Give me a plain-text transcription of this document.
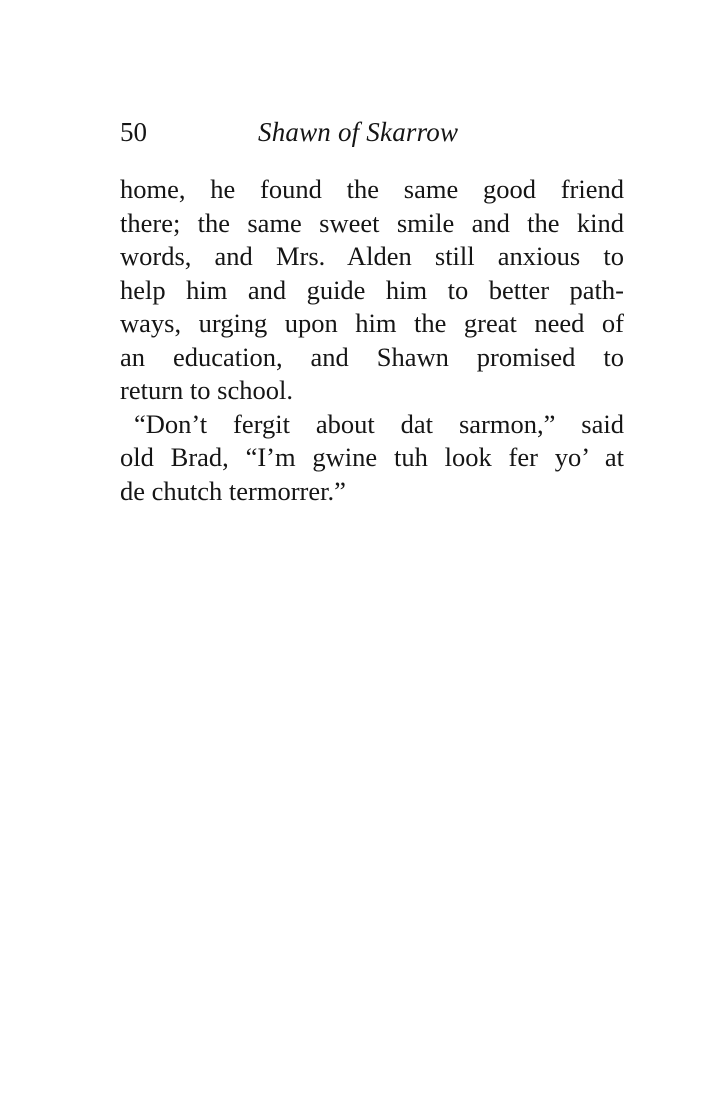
50	Shawn of Skarrow
home, he found the same good friend
there; the same sweet smile and the kind
words, and Mrs. Alden still anxious to
help him and guide him to better path-
ways, urging upon him the great need of
an education, and Shawn promised to
return to school.
“Don’t fergit about dat sarmon,” said
old Brad, “I’m gwine tuh look fer yo’ at
de chutch termorrer.”
